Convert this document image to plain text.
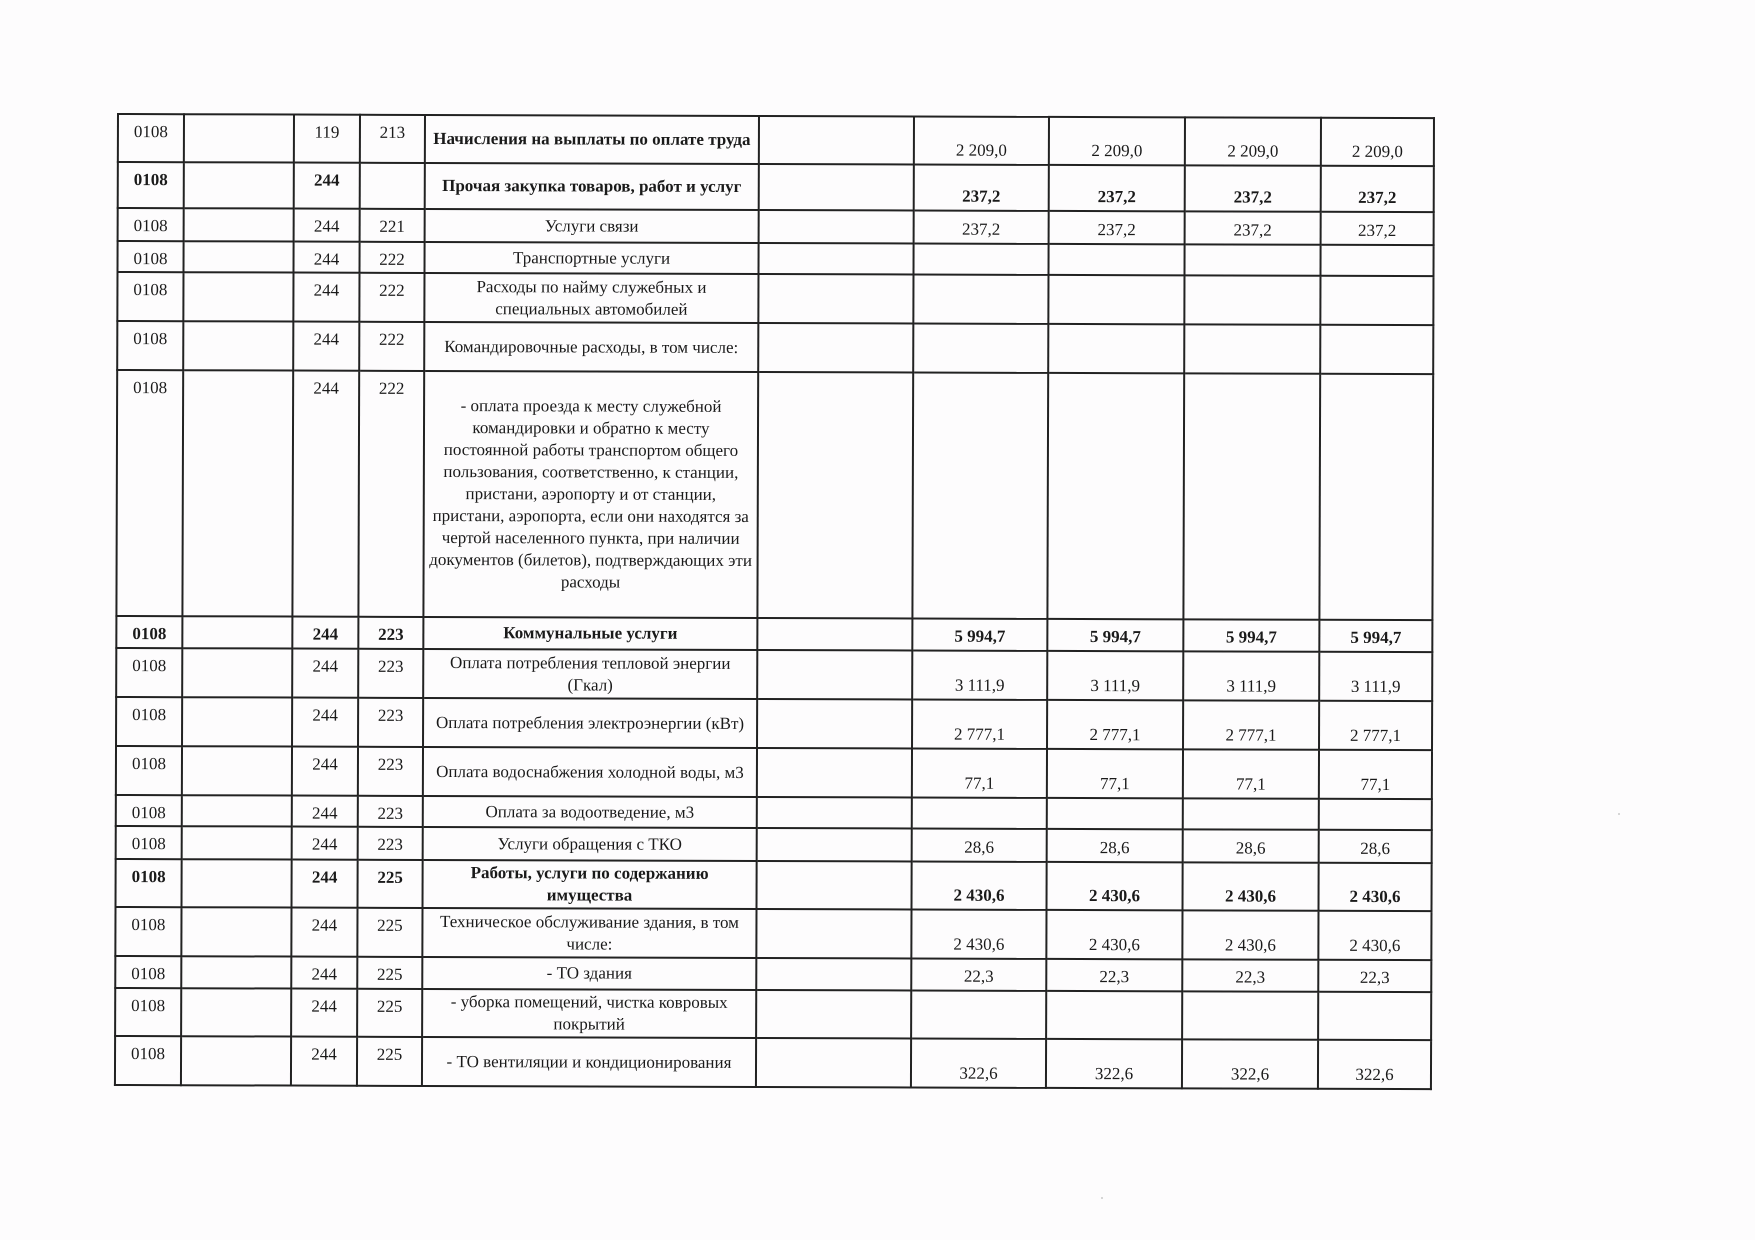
0108		119	213	Начисления на выплаты по оплате труда		2 209,0	2 209,0	2 209,0	2 209,0
0108		244		Прочая закупка товаров, работ и услуг		237,2	237,2	237,2	237,2
0108		244	221	Услуги связи		237,2	237,2	237,2	237,2
0108		244	222	Транспортные услуги					
0108		244	222	Расходы по найму служебных и специальных автомобилей					
0108		244	222	Командировочные расходы, в том числе:					
0108		244	222	- оплата проезда к месту служебной командировки и обратно к месту постоянной работы транспортом общего пользования, соответственно, к станции, пристани, аэропорту и от станции, пристани, аэропорта, если они находятся за чертой населенного пункта, при наличии документов (билетов), подтверждающих эти расходы					
0108		244	223	Коммунальные услуги		5 994,7	5 994,7	5 994,7	5 994,7
0108		244	223	Оплата потребления тепловой энергии (Гкал)		3 111,9	3 111,9	3 111,9	3 111,9
0108		244	223	Оплата потребления электроэнергии (кВт)		2 777,1	2 777,1	2 777,1	2 777,1
0108		244	223	Оплата водоснабжения холодной воды, м3		77,1	77,1	77,1	77,1
0108		244	223	Оплата за водоотведение, м3					
0108		244	223	Услуги обращения с ТКО		28,6	28,6	28,6	28,6
0108		244	225	Работы, услуги по содержанию имущества		2 430,6	2 430,6	2 430,6	2 430,6
0108		244	225	Техническое обслуживание здания, в том числе:		2 430,6	2 430,6	2 430,6	2 430,6
0108		244	225	- ТО здания		22,3	22,3	22,3	22,3
0108		244	225	- уборка помещений, чистка ковровых покрытий					
0108		244	225	- ТО вентиляции и кондиционирования		322,6	322,6	322,6	322,6
